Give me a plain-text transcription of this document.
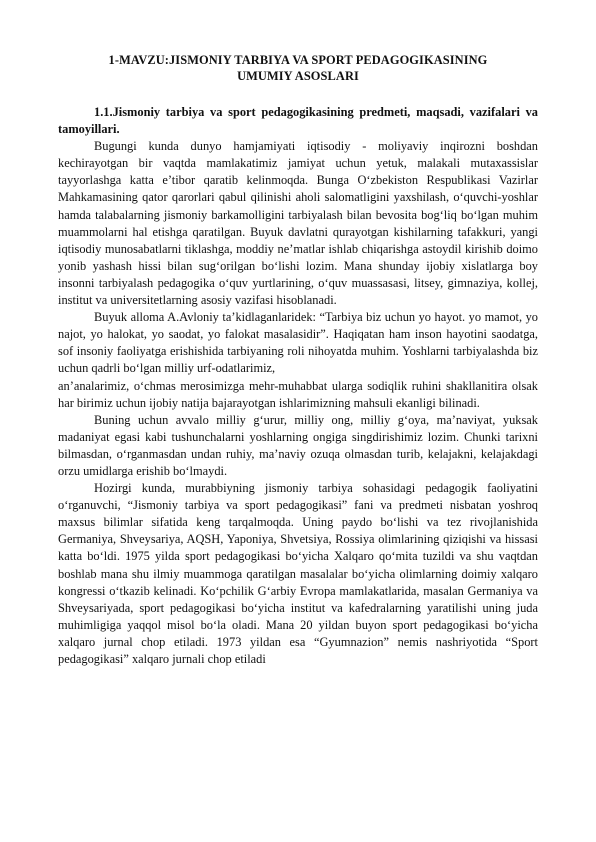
1-MAVZU:JISMONIY TARBIYA VA SPORT PEDAGOGIKASINING
UMUMIY ASOSLARI
1.1.Jismoniy tarbiya va sport pedagogikasining predmeti, maqsadi, vazifalari va tamoyillari.

Bugungi kunda dunyo hamjamiyati iqtisodiy - moliyaviy inqirozni boshdan kechirayotgan bir vaqtda mamlakatimiz jamiyat uchun yetuk, malakali mutaxassislar tayyorlashga katta e’tibor qaratib kelinmoqda. Bunga O‘zbekiston Respublikasi Vazirlar Mahkamasining qator qarorlari qabul qilinishi aholi salomatligini yaxshilash, o‘quvchi-yoshlar hamda talabalarning jismoniy barkamolligini tarbiyalash bilan bevosita bog‘liq bo‘lgan muhim muammolarni hal etishga qaratilgan. Buyuk davlatni qurayotgan kishilarning tafakkuri, yangi iqtisodiy munosabatlarni tiklashga, moddiy ne’matlar ishlab chiqarishga astoydil kirishib doimo yonib yashash hissi bilan sug‘orilgan bo‘lishi lozim. Mana shunday ijobiy xislatlarga boy insonni tarbiyalash pedagogika o‘quv yurtlarining, o‘quv muassasasi, litsey, gimnaziya, kollej, institut va universitetlarning asosiy vazifasi hisoblanadi.

Buyuk alloma A.Avloniy ta’kidlaganlaridek: “Tarbiya biz uchun yo hayot. yo mamot, yo najot, yo halokat, yo saodat, yo falokat masalasidir”. Haqiqatan ham inson hayotini saodatga, sof insoniy faoliyatga erishishida tarbiyaning roli nihoyatda muhim. Yoshlarni tarbiyalashda biz uchun qadrli bo‘lgan milliy urf-odatlarimiz,

an’analarimiz, o‘chmas merosimizga mehr-muhabbat ularga sodiqlik ruhini shakllanitira olsak har birimiz uchun ijobiy natija bajarayotgan ishlarimizning mahsuli ekanligi bilinadi.

Buning uchun avvalo milliy g‘urur, milliy ong, milliy g‘oya, ma’naviyat, yuksak madaniyat egasi kabi tushunchalarni yoshlarning ongiga singdirishimiz lozim. Chunki tarixni bilmasdan, o‘rganmasdan undan ruhiy, ma’naviy ozuqa olmasdan turib, kelajakni, kelajakdagi orzu umidlarga erishib bo‘lmaydi.

Hozirgi kunda, murabbiyning jismoniy tarbiya sohasidagi pedagogik faoliyatini o‘rganuvchi, “Jismoniy tarbiya va sport pedagogikasi” fani va predmeti nisbatan yoshroq maxsus bilimlar sifatida keng tarqalmoqda. Uning paydo bo‘lishi va tez rivojlanishida Germaniya, Shveysariya, AQSH, Yaponiya, Shvetsiya, Rossiya olimlarining qiziqishi va hissasi katta bo‘ldi. 1975 yilda sport pedagogikasi bo‘yicha Xalqaro qo‘mita tuzildi va shu vaqtdan boshlab mana shu ilmiy muammoga qaratilgan masalalar bo‘yicha olimlarning doimiy xalqaro kongressi o‘tkazib kelinadi. Ko‘pchilik G‘arbiy Evropa mamlakatlarida, masalan Germaniya va Shveysariyada, sport pedagogikasi bo‘yicha institut va kafedralarning yaratilishi uning juda muhimligiga yaqqol misol bo‘la oladi. Mana 20 yildan buyon sport pedagogikasi bo‘yicha xalqaro jurnal chop etiladi. 1973 yildan esa “Gyumnazion” nemis nashriyotida “Sport pedagogikasi” xalqaro jurnali chop etiladi
